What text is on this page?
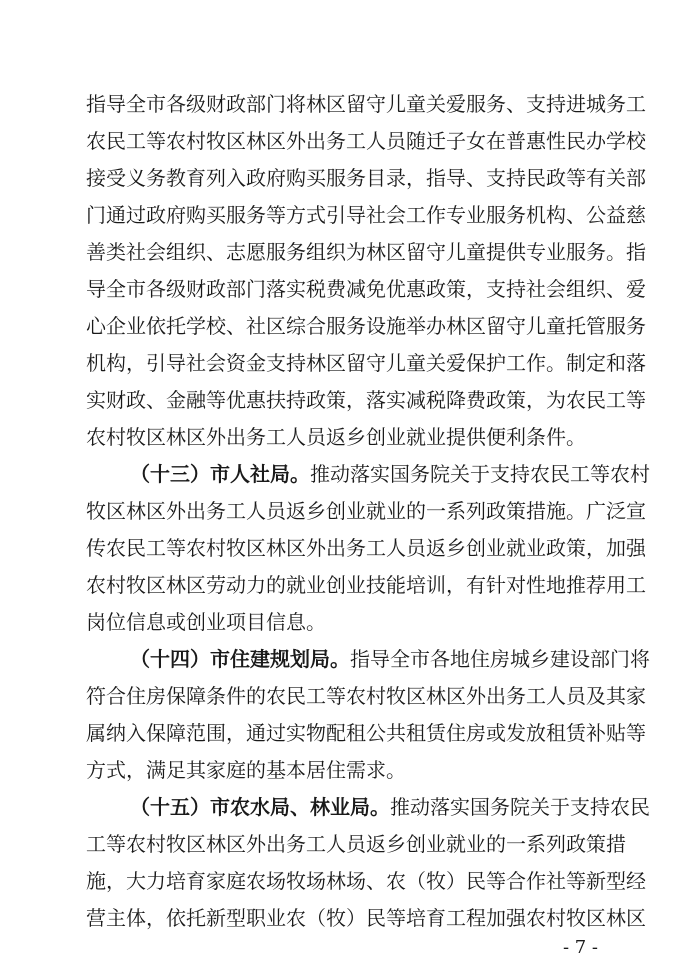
指导全市各级财政部门将林区留守儿童关爱服务、支持进城务工
农民工等农村牧区林区外出务工人员随迁子女在普惠性民办学校
接受义务教育列入政府购买服务目录，指导、支持民政等有关部
门通过政府购买服务等方式引导社会工作专业服务机构、公益慈
善类社会组织、志愿服务组织为林区留守儿童提供专业服务。指
导全市各级财政部门落实税费减免优惠政策，支持社会组织、爱
心企业依托学校、社区综合服务设施举办林区留守儿童托管服务
机构，引导社会资金支持林区留守儿童关爱保护工作。制定和落
实财政、金融等优惠扶持政策，落实减税降费政策，为农民工等
农村牧区林区外出务工人员返乡创业就业提供便利条件。
（十三）市人社局。推动落实国务院关于支持农民工等农村
牧区林区外出务工人员返乡创业就业的一系列政策措施。广泛宣
传农民工等农村牧区林区外出务工人员返乡创业就业政策，加强
农村牧区林区劳动力的就业创业技能培训，有针对性地推荐用工
岗位信息或创业项目信息。
（十四）市住建规划局。指导全市各地住房城乡建设部门将
符合住房保障条件的农民工等农村牧区林区外出务工人员及其家
属纳入保障范围，通过实物配租公共租赁住房或发放租赁补贴等
方式，满足其家庭的基本居住需求。
（十五）市农水局、林业局。推动落实国务院关于支持农民
工等农村牧区林区外出务工人员返乡创业就业的一系列政策措
施，大力培育家庭农场牧场林场、农（牧）民等合作社等新型经
营主体，依托新型职业农（牧）民等培育工程加强农村牧区林区
- 7 -
